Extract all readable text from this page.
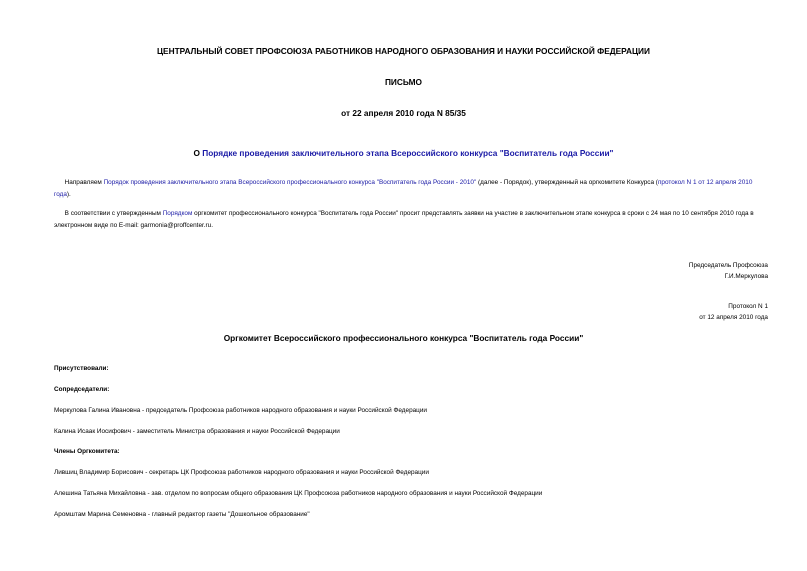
ЦЕНТРАЛЬНЫЙ СОВЕТ ПРОФСОЮЗА РАБОТНИКОВ НАРОДНОГО ОБРАЗОВАНИЯ И НАУКИ РОССИЙСКОЙ ФЕДЕРАЦИИ
ПИСЬМО
от 22 апреля 2010 года N 85/35
О Порядке проведения заключительного этапа Всероссийского конкурса "Воспитатель года России"
Направляем Порядок проведения заключительного этапа Всероссийского профессионального конкурса "Воспитатель года России - 2010" (далее - Порядок), утвержденный на оргкомитете Конкурса (протокол N 1 от 12 апреля 2010 года).
В соответствии с утвержденным Порядком оргкомитет профессионального конкурса "Воспитатель года России" просит представлять заявки на участие в заключительном этапе конкурса в сроки с 24 мая по 10 сентября 2010 года в электронном виде по E-mail: garmonia@proffcenter.ru.
Председатель Профсоюза
Г.И.Меркулова
Протокол N 1
от 12 апреля 2010 года
Оргкомитет Всероссийского профессионального конкурса "Воспитатель года России"
Присутствовали:
Сопредседатели:
Меркулова Галина Ивановна - председатель Профсоюза работников народного образования и науки Российской Федерации
Калина Исаак Иосифович - заместитель Министра образования и науки Российской Федерации
Члены Оргкомитета:
Лившиц Владимир Борисович - секретарь ЦК Профсоюза работников народного образования и науки Российской Федерации
Алешина Татьяна Михайловна - зав. отделом по вопросам общего образования ЦК Профсоюза работников народного образования и науки Российской Федерации
Аромштам Марина Семеновна - главный редактор газеты "Дошкольное образование"
